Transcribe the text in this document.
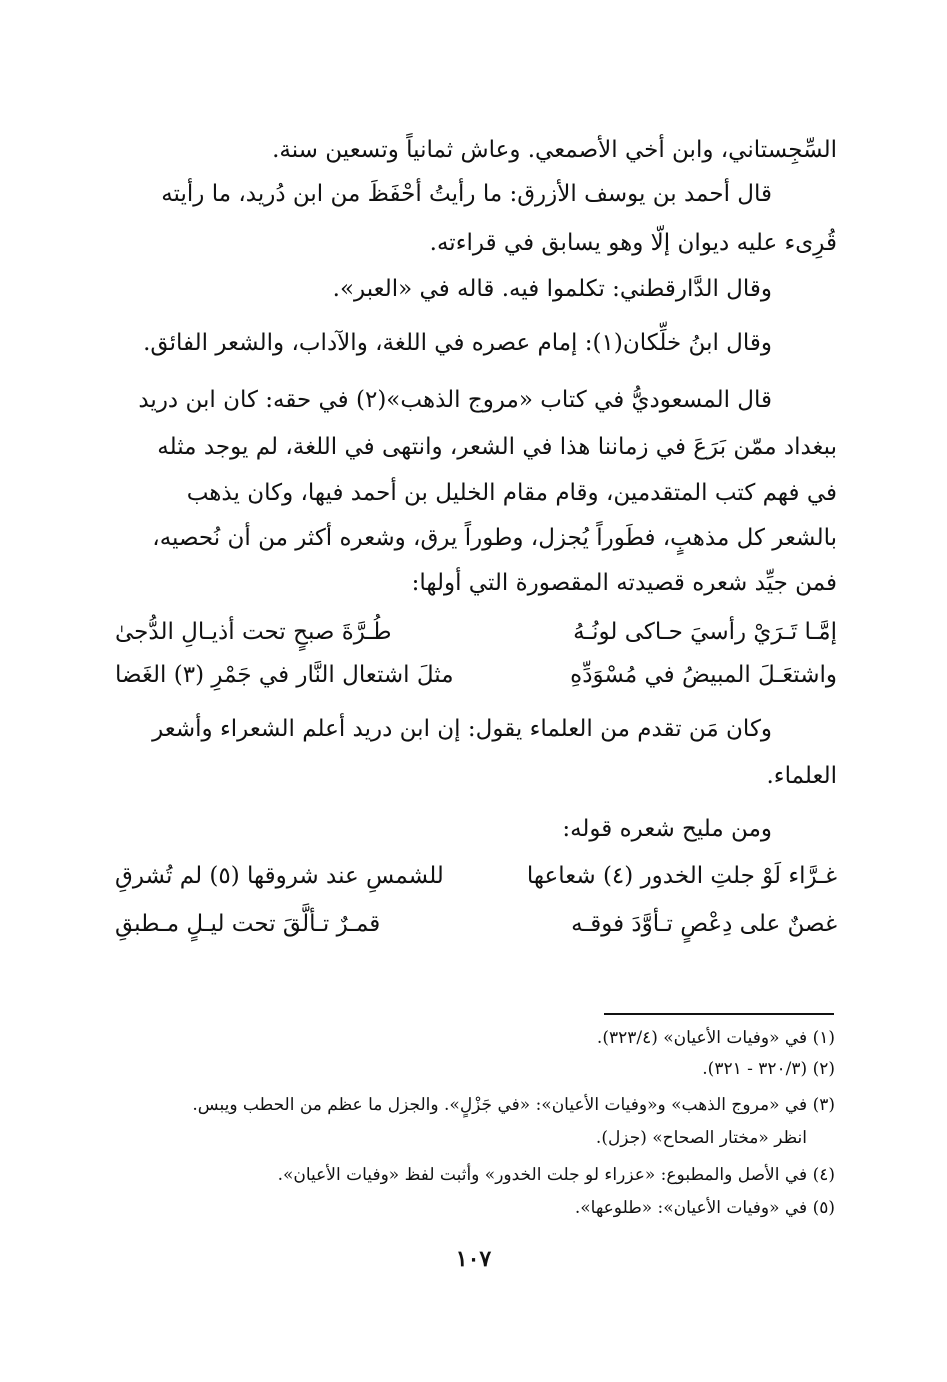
السِّجِستاني، وابن أخي الأصمعي. وعاش ثمانياً وتسعين سنة.
قال أحمد بن يوسف الأزرق: ما رأيتُ أحْفَظَ من ابن دُريد، ما رأيته
قُرِىء عليه ديوان إلّا وهو يسابق في قراءته.
وقال الدَّارقطني: تكلموا فيه. قاله في «العبر».
وقال ابنُ خلِّكان(١): إمام عصره في اللغة، والآداب، والشعر الفائق.
قال المسعوديُّ في كتاب «مروج الذهب»(٢) في حقه: كان ابن دريد
ببغداد ممّن بَرَعَ في زماننا هذا في الشعر، وانتهى في اللغة، لم يوجد مثله
في فهم كتب المتقدمين، وقام مقام الخليل بن أحمد فيها، وكان يذهب
بالشعر كل مذهبٍ، فطَوراً يُجزل، وطوراً يرق، وشعره أكثر من أن نُحصيه،
فمن جيِّد شعره قصيدته المقصورة التي أولها:
إمَّـا تَـرَيْ رأسيَ حـاكى لونُـهُ
طُـرَّةَ صبحٍ تحت أذيـالِ الدُّجىٰ
واشتعَـلَ المبيضُ في مُسْوَدِّهِ
مثلَ اشتعال النَّار في جَمْرِ (٣) الغَضا
وكان مَن تقدم من العلماء يقول: إن ابن دريد أعلم الشعراء وأشعر
العلماء.
ومن مليح شعره قوله:
غـرَّاء لَوْ جلتِ الخدور (٤) شعاعها
للشمسِ عند شروقها (٥) لم تُشرقِ
غصنٌ على دِعْصٍ تـأوَّدَ فوقـه
قمـرٌ تـألَّقَ تحت ليـلٍ مـطبقِ
(١) في «وفيات الأعيان» (٣٢٣/٤).
(٢) (٣٢٠/٣ - ٣٢١).
(٣) في «مروج الذهب» و«وفيات الأعيان»: «في جَزْلٍ». والجزل ما عظم من الحطب ويبس.
انظر «مختار الصحاح» (جزل).
(٤) في الأصل والمطبوع: «عزراء لو جلت الخدور» وأثبت لفظ «وفيات الأعيان».
(٥) في «وفيات الأعيان»: «طلوعها».
١٠٧
